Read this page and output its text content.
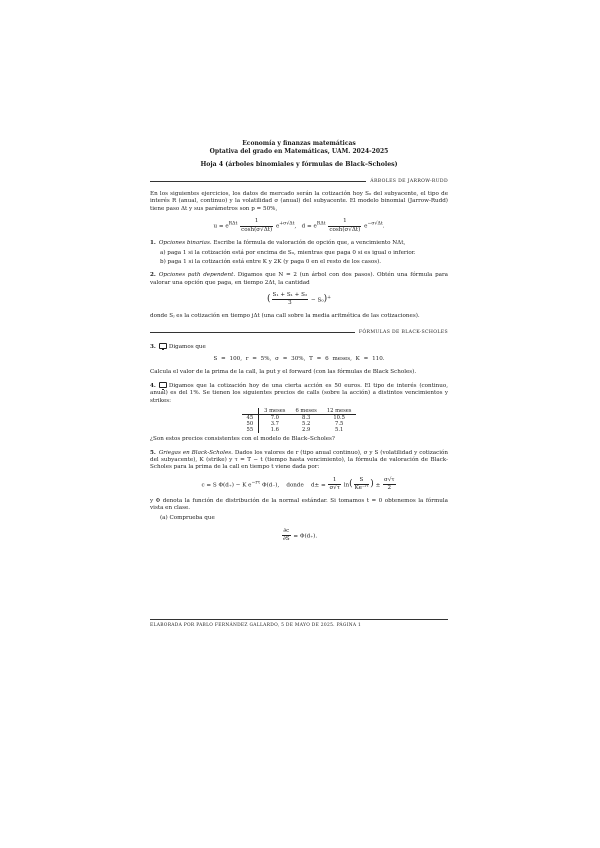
Economía y finanzas matemáticas
Optativa del grado en Matemáticas, UAM. 2024-2025
Hoja 4 (árboles binomiales y fórmulas de Black–Scholes)
ÁRBOLES DE JARROW-RUDD

En los siguientes ejercicios, los datos de mercado serán la cotización hoy S₀ del subyacente, el tipo de interés R (anual, continuo) y la volatilidad σ (anual) del subyacente. El modelo binomial (Jarrow-Rudd) tiene paso Δt y sus parámetros son p = 50%,

$u = e^{R\Delta t} \frac{1}{\cosh(\sigma√\Delta t)} e^{+\sigma√\Delta t}$,   $d = e^{R\Delta t} \frac{1}{\cosh(\sigma√\Delta t)} e^{-\sigma√\Delta t}$.

1. Opciones binarias. Escribe la fórmula de valoración de opción que, a vencimiento NΔt,

a) paga 1 si la cotización está por encima de S₀, mientras que paga 0 si es igual o inferior.
b) paga 1 si la cotización está entre K y 2K (y paga 0 en el resto de los casos).

2. Opciones path dependent. Digamos que N = 2 (un árbol con dos pasos). Obtén una fórmula para valorar una opción que paga, en tiempo 2Δt, la cantidad

( $\frac{\text{S₁ + S₁ + S₂}}{3} - S_0)^+$

donde Sⱼ es la cotización en tiempo jΔt (una call sobre la media aritmética de las cotizaciones).

FÓRMULAS DE BLACK-SCHOLES

3. Digamos que

S = 100, r = 5%, σ = 30%, T = 6 meses, K = 110.

Calcula el valor de la prima de la call, la put y el forward (con las fórmulas de Black Scholes).

4. Digamos que la cotización hoy de una cierta acción es 50 euros. El tipo de interés (continuo, anual) es del 1%. Se tienen los siguientes precios de calls (sobre la acción) a distintos vencimientos y strikes:

	3 meses	6 meses	12 meses
45	7.0	8.3	10.5
50	3.7	5.2	7.5
55	1.6	2.9	5.1

¿Son estos precios consistentes con el modelo de Black–Scholes?

5. Griegas en Black-Scholes. Dados los valores de r (tipo anual continuo), σ y S (volatilidad y cotización del subyacente), K (strike) y τ = T − t (tiempo hasta vencimiento), la fórmula de valoración de Black-Scholes para la prima de la call en tiempo t viene dada por:

c = S Φ(d₊) − K $e^{-r\tau}$ Φ(d₋), donde $d\pm = \frac{1}{\sigma√\tau} \ln( \frac{S}{\text{Ke⁻ʳᵗ}}$ ) ± $\frac{\sigma√\tau}{2}$

y Φ denota la función de distribución de la normal estándar. Si tomamos t = 0 obtenemos la fórmula vista en clase.

(a) Comprueba que
$\frac{\partial c}{\partial S} = \Phi(d_+)$.
ELABORADA POR PABLO FERNÁNDEZ GALLARDO, 5 DE MAYO DE 2025. PÁGINA 1
